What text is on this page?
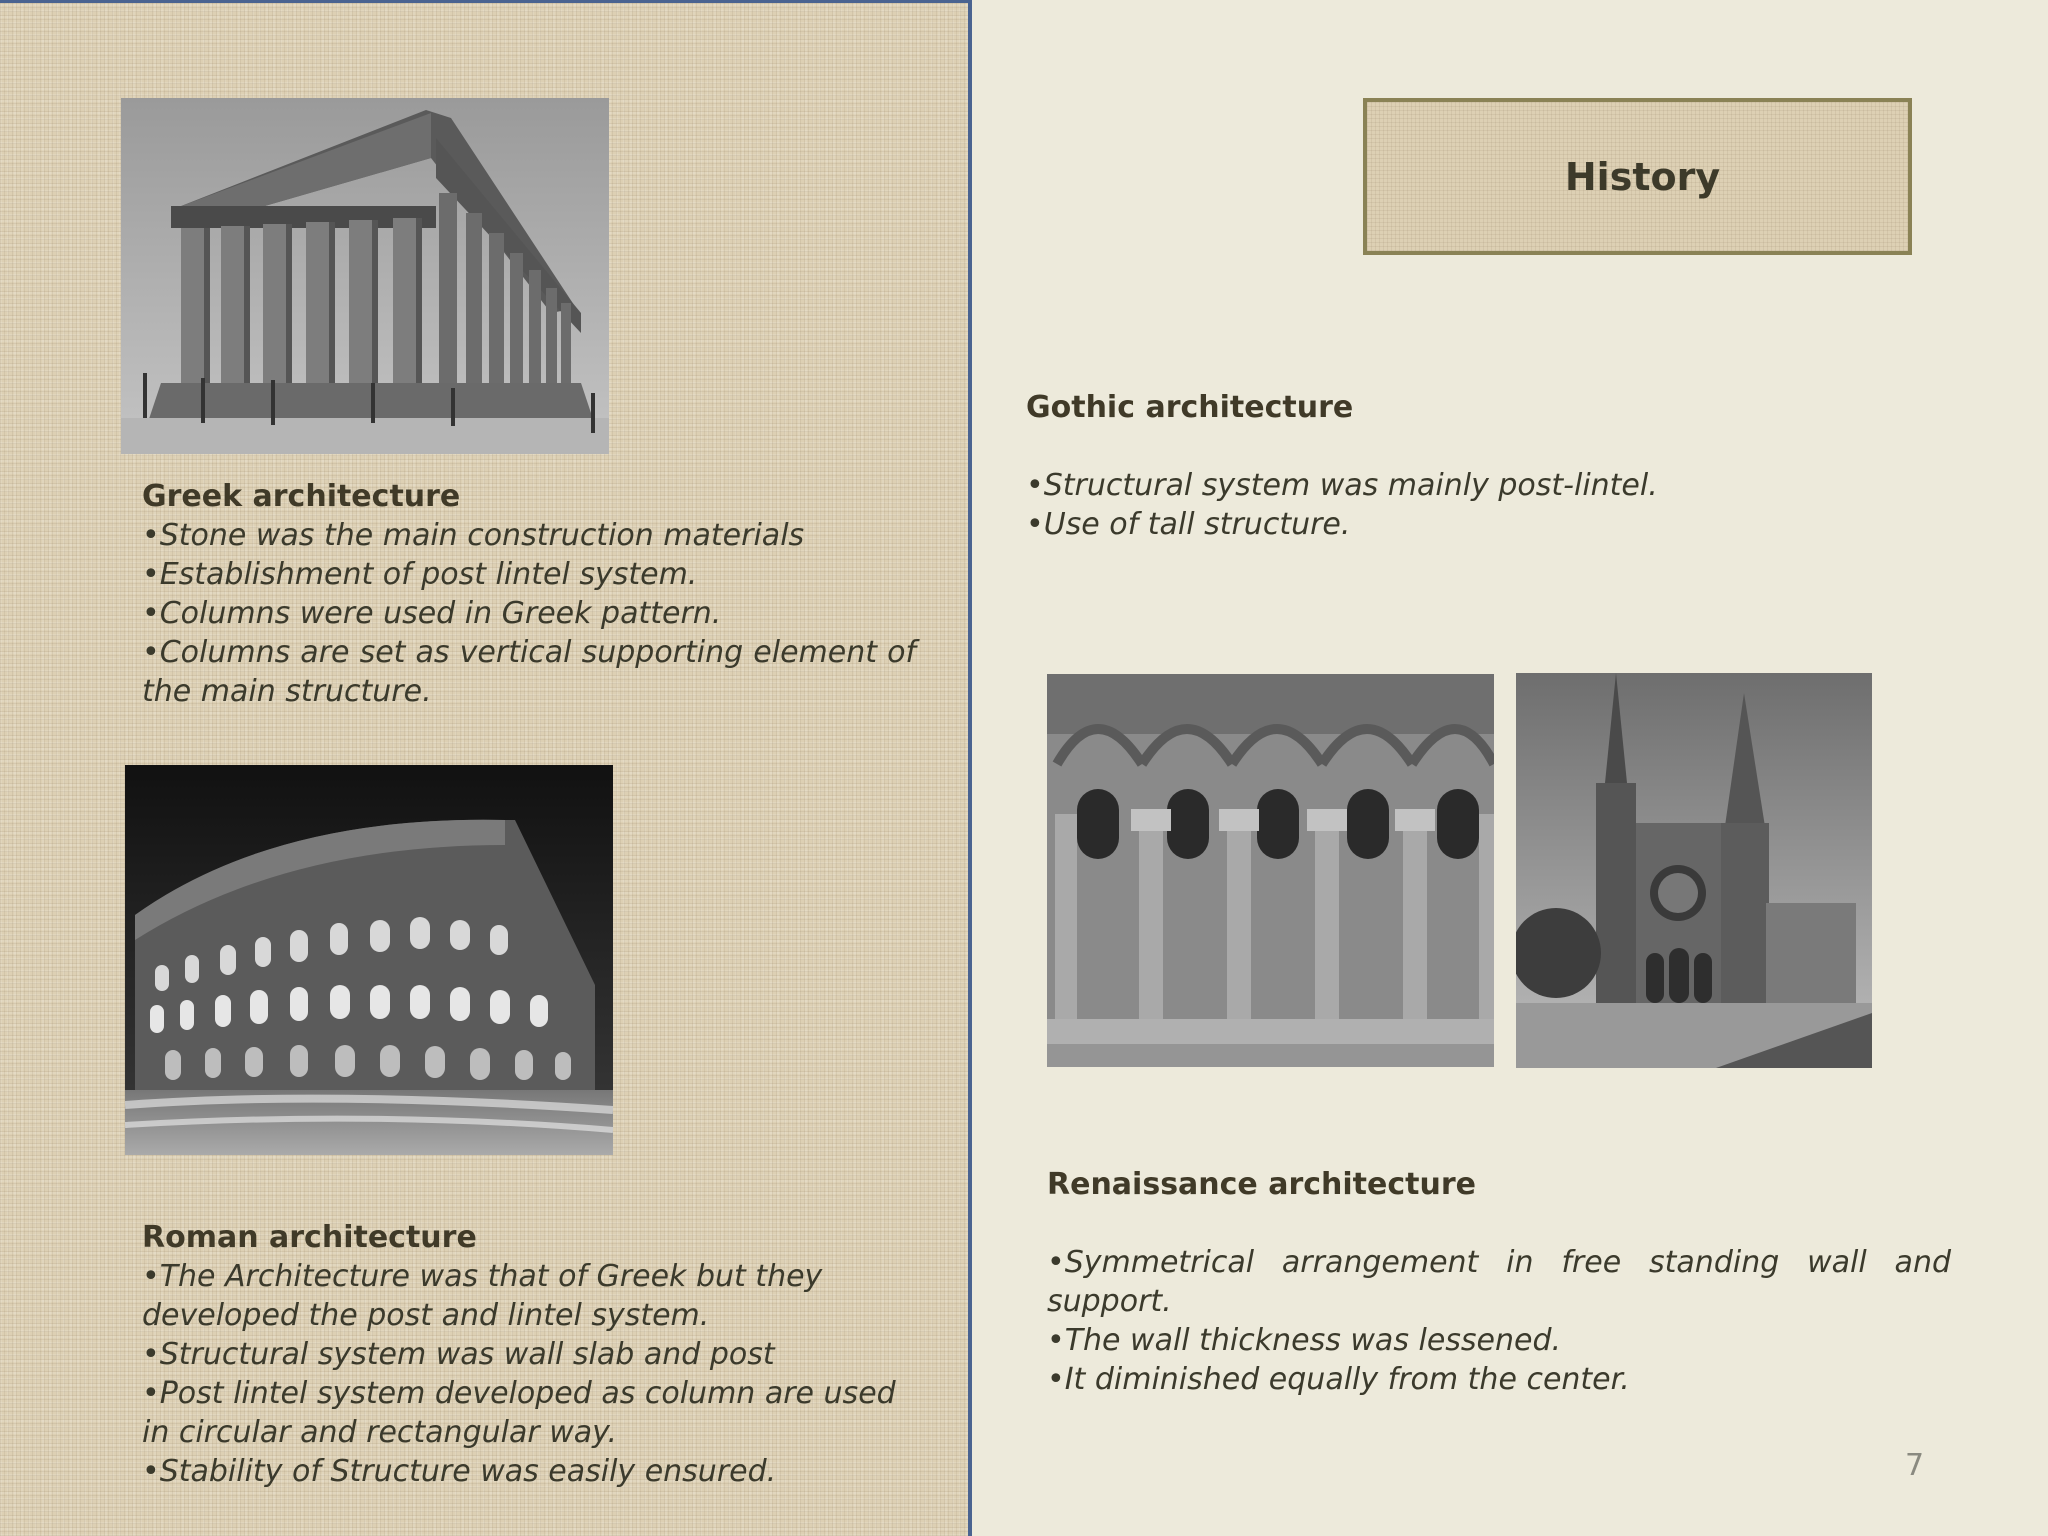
Greek architecture
•Stone was the main construction materials
•Establishment of post lintel system.
•Columns were used in Greek pattern.
•Columns are set as vertical supporting element of the main structure.
Roman architecture
•The Architecture was that of Greek but they developed the post and lintel system.
•Structural system was wall slab and post
•Post lintel system developed as column are used in circular and rectangular way.
•Stability of Structure was easily ensured.
History
Gothic architecture
•Structural system was mainly post-lintel.
•Use of tall structure.
Renaissance architecture
•Symmetrical arrangement in free standing wall and support.
•The wall thickness was lessened.
•It diminished equally from the center.
7
